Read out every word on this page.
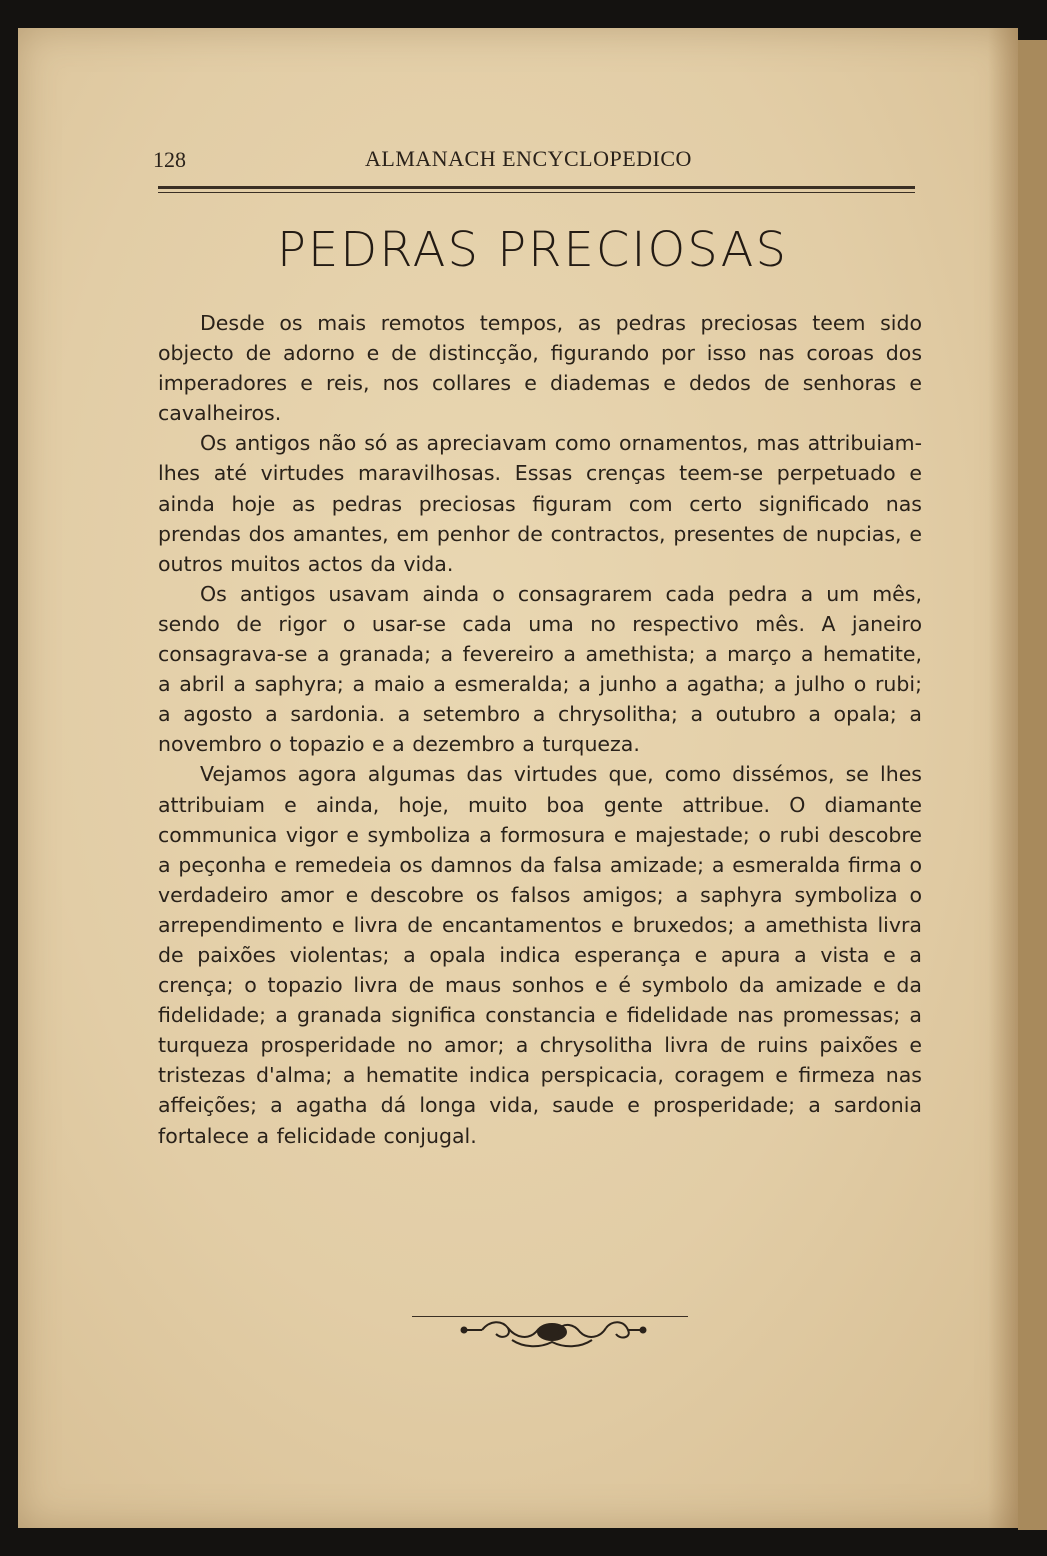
128	ALMANACH ENCYCLOPEDICO
PEDRAS PRECIOSAS

Desde os mais remotos tempos, as pedras preciosas teem sido objecto de adorno e de distincção, figurando por isso nas coroas dos imperadores e reis, nos collares e diademas e dedos de senhoras e cavalheiros.

Os antigos não só as apreciavam como ornamentos, mas attribuiam-lhes até virtudes maravilhosas. Essas crenças teem-se perpetuado e ainda hoje as pedras preciosas figuram com certo significado nas prendas dos amantes, em penhor de contractos, presentes de nupcias, e outros muitos actos da vida.

Os antigos usavam ainda o consagrarem cada pedra a um mês, sendo de rigor o usar-se cada uma no respectivo mês. A janeiro consagrava-se a granada; a fevereiro a amethista; a março a hematite, a abril a saphyra; a maio a esmeralda; a junho a agatha; a julho o rubi; a agosto a sardonia. a setembro a chrysolitha; a outubro a opala; a novembro o topazio e a dezembro a turqueza.

Vejamos agora algumas das virtudes que, como dissémos, se lhes attribuiam e ainda, hoje, muito boa gente attribue. O diamante communica vigor e symboliza a formosura e majestade; o rubi descobre a peçonha e remedeia os damnos da falsa amizade; a esmeralda firma o verdadeiro amor e descobre os falsos amigos; a saphyra symboliza o arrependimento e livra de encantamentos e bruxedos; a amethista livra de paixões violentas; a opala indica esperança e apura a vista e a crença; o topazio livra de maus sonhos e é symbolo da amizade e da fidelidade; a granada significa constancia e fidelidade nas promessas; a turqueza prosperidade no amor; a chrysolitha livra de ruins paixões e tristezas d'alma; a hematite indica perspicacia, coragem e firmeza nas affeições; a agatha dá longa vida, saude e prosperidade; a sardonia fortalece a felicidade conjugal.
